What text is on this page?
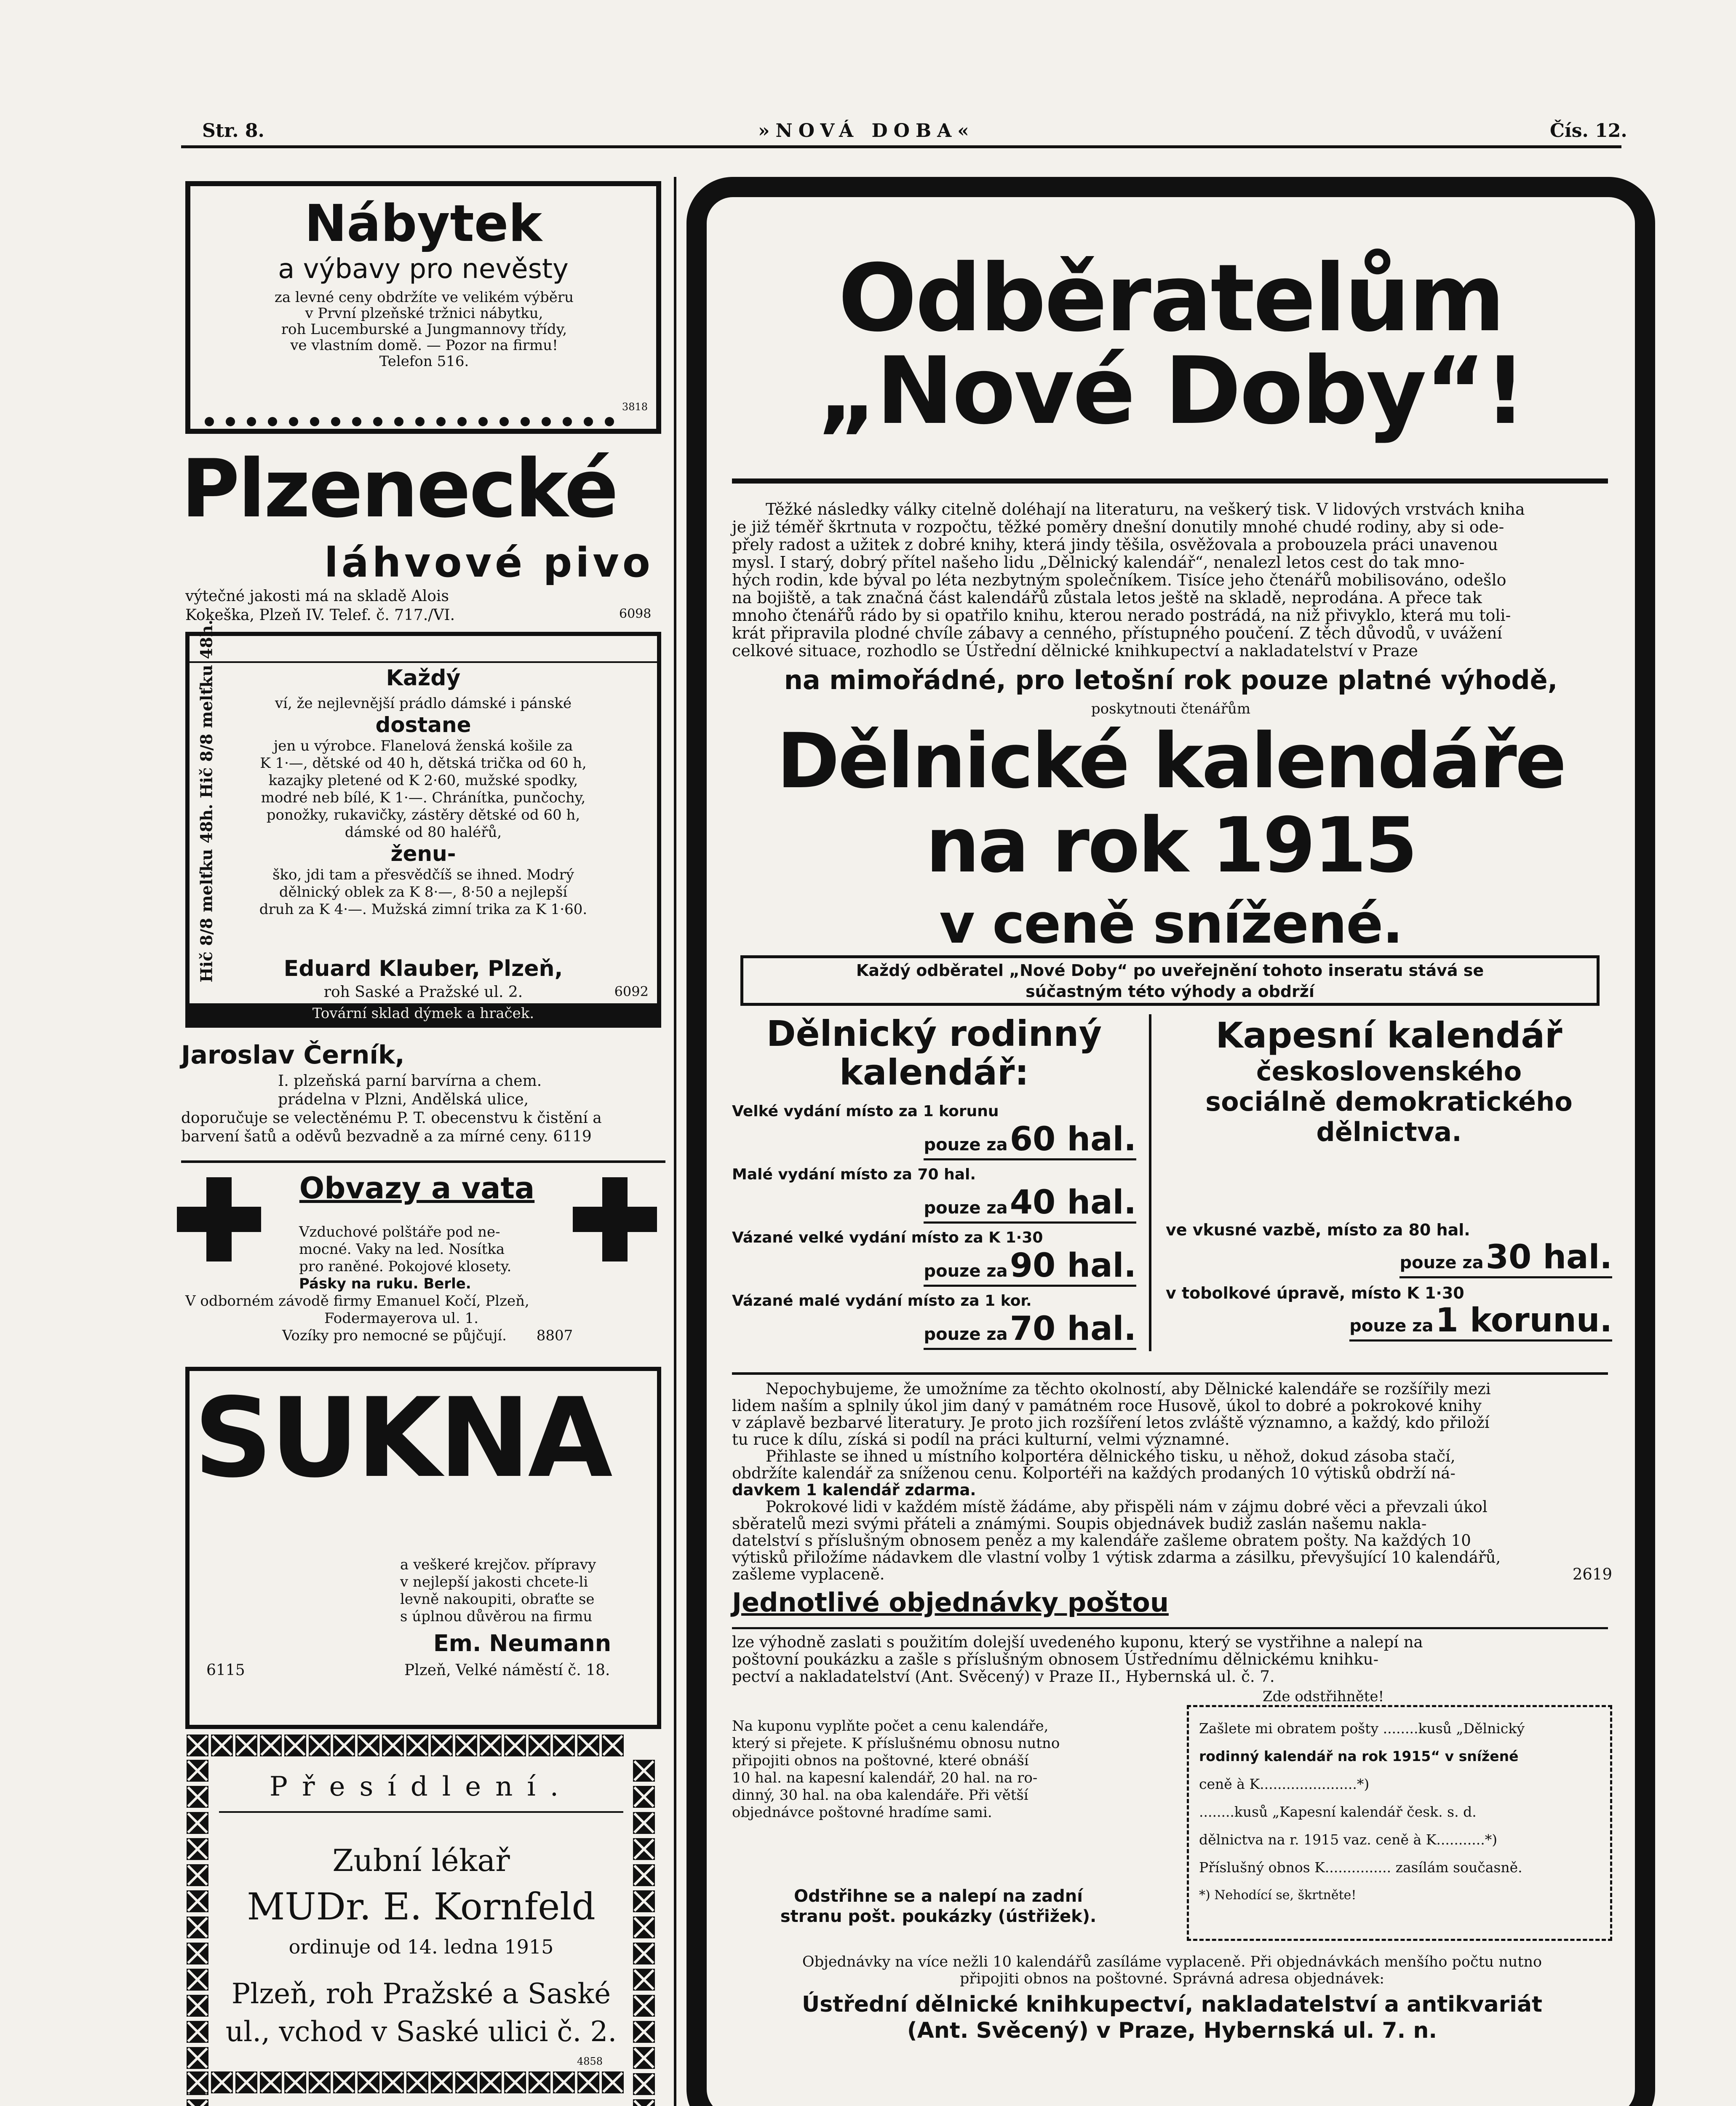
Str. 8.	»NOVÁ DOBA«	Čís. 12.
Nábytek
a výbavy pro nevěsty
za levné ceny obdržíte ve velikém výběru
v První plzeňské tržnici nábytku,
roh Lucemburské a Jungmannovy třídy,
ve vlastním domě. — Pozor na firmu!
Telefon 516.
3818
Plzenecké
láhvové pivo
výtečné jakosti má na skladě Alois
Kokeška, Plzeň IV. Telef. č. 717./VI.	6098
Hič 8/8 melťku 48h. Hič 8/8 melťku 48h.	Každý
ví, že nejlevnější prádlo dámské i pánské
dostane
jen u výrobce. Flanelová ženská košile za
K 1·—, dětské od 40 h, dětská trička od 60 h,
kazajky pletené od K 2·60, mužské spodky,
modré neb bílé, K 1·—. Chránítka, punčochy,
ponožky, rukavičky, zástěry dětské od 60 h,
dámské od 80 haléřů,
ženu-
ško, jdi tam a přesvědčíš se ihned. Modrý
dělnický oblek za K 8·—, 8·50 a nejlepší
druh za K 4·—. Mužská zimní trika za K 1·60.
Eduard Klauber, Plzeň,
roh Saské a Pražské ul. 2.	6092
Tovární sklad dýmek a hraček.
Jaroslav Černík,
I. plzeňská parní barvírna a chem.
prádelna v Plzni, Andělská ulice,
doporučuje se velectěnému P. T. obecenstvu k čistění a
barvení šatů a oděvů bezvadně a za mírné ceny. 6119
Obvazy a vata
Vzduchové polštáře pod ne-
mocné. Vaky na led. Nosítka
pro raněné. Pokojové klosety.
Pásky na ruku. Berle.
V odborném závodě firmy Emanuel Kočí, Plzeň,
Fodermayerova ul. 1.
Vozíky pro nemocné se půjčují. 8807
SUKNA
a veškeré krejčov. přípravy
v nejlepší jakosti chcete-li
levně nakoupiti, obraťte se
s úplnou důvěrou na firmu
Em. Neumann
6115	Plzeň, Velké náměstí č. 18.
Přesídlení.
Zubní lékař
MUDr. E. Kornfeld
ordinuje od 14. ledna 1915
Plzeň, roh Pražské a Saské
ul., vchod v Saské ulici č. 2.
4858
Odběratelům
„Nové Doby“!
Těžké následky války citelně doléhají na literaturu, na veškerý tisk. V lidových vrstvách kniha
je již téměř škrtnuta v rozpočtu, těžké poměry dnešní donutily mnohé chudé rodiny, aby si ode-
přely radost a užitek z dobré knihy, která jindy těšila, osvěžovala a probouzela práci unavenou
mysl. I starý, dobrý přítel našeho lidu „Dělnický kalendář“, nenalezl letos cest do tak mno-
hých rodin, kde býval po léta nezbytným společníkem. Tisíce jeho čtenářů mobilisováno, odešlo
na bojiště, a tak značná část kalendářů zůstala letos ještě na skladě, neprodána. A přece tak
mnoho čtenářů rádo by si opatřilo knihu, kterou nerado postrádá, na niž přivyklo, která mu toli-
krát připravila plodné chvíle zábavy a cenného, přístupného poučení. Z těch důvodů, v uvážení
celkové situace, rozhodlo se Ústřední dělnické knihkupectví a nakladatelství v Praze
na mimořádné, pro letošní rok pouze platné výhodě,
poskytnouti čtenářům
Dělnické kalendáře
na rok 1915
v ceně snížené.
Každý odběratel „Nové Doby“ po uveřejnění tohoto inseratu stává se
súčastným této výhody a obdrží
Dělnický rodinný
kalendář:
Velké vydání místo za 1 korunu
pouze za 60 hal.
Malé vydání místo za 70 hal.
pouze za 40 hal.
Vázané velké vydání místo za K 1·30
pouze za 90 hal.
Vázané malé vydání místo za 1 kor.
pouze za 70 hal.
Kapesní kalendář
československého
sociálně demokratického
dělnictva.
ve vkusné vazbě, místo za 80 hal.
pouze za 30 hal.
v tobolkové úpravě, místo K 1·30
pouze za 1 korunu.
Nepochybujeme, že umožníme za těchto okolností, aby Dělnické kalendáře se rozšířily mezi
lidem naším a splnily úkol jim daný v památném roce Husově, úkol to dobré a pokrokové knihy
v záplavě bezbarvé literatury. Je proto jich rozšíření letos zvláště významno, a každý, kdo přiloží
tu ruce k dílu, získá si podíl na práci kulturní, velmi významné.
Přihlaste se ihned u místního kolportéra dělnického tisku, u něhož, dokud zásoba stačí,
obdržíte kalendář za sníženou cenu. Kolportéři na každých prodaných 10 výtisků obdrží ná-
davkem 1 kalendář zdarma.
Pokrokové lidi v každém místě žádáme, aby přispěli nám v zájmu dobré věci a převzali úkol
sběratelů mezi svými přáteli a známými. Soupis objednávek budiž zaslán našemu nakla-
datelství s příslušným obnosem peněz a my kalendáře zašleme obratem pošty. Na každých 10
výtisků přiložíme nádavkem dle vlastní volby 1 výtisk zdarma a zásilku, převyšující 10 kalendářů,
zašleme vyplaceně.	2619
Jednotlivé objednávky poštou
lze výhodně zaslati s použitím dolejší uvedeného kuponu, který se vystřihne a nalepí na
poštovní poukázku a zašle s příslušným obnosem Ústřednímu dělnickému knihku-
pectví a nakladatelství (Ant. Svěcený) v Praze II., Hybernská ul. č. 7.
Zde odstřihněte!
Na kuponu vyplňte počet a cenu kalendáře,
který si přejete. K příslušnému obnosu nutno
připojiti obnos na poštovné, které obnáší
10 hal. na kapesní kalendář, 20 hal. na ro-
dinný, 30 hal. na oba kalendáře. Při větší
objednávce poštovné hradíme sami.
Odstřihne se a nalepí na zadní
stranu pošt. poukázky (ústřižek).
Zašlete mi obratem pošty ........kusů „Dělnický
rodinný kalendář na rok 1915“ v snížené
ceně à K......................*)
........kusů „Kapesní kalendář česk. s. d.
dělnictva na r. 1915 vaz. ceně à K...........*)
Příslušný obnos K............... zasílám současně.
*) Nehodící se, škrtněte!
Objednávky na více nežli 10 kalendářů zasíláme vyplaceně. Při objednávkách menšího počtu nutno
připojiti obnos na poštovné. Správná adresa objednávek:
Ústřední dělnické knihkupectví, nakladatelství a antikvariát
(Ant. Svěcený) v Praze, Hybernská ul. 7. n.
